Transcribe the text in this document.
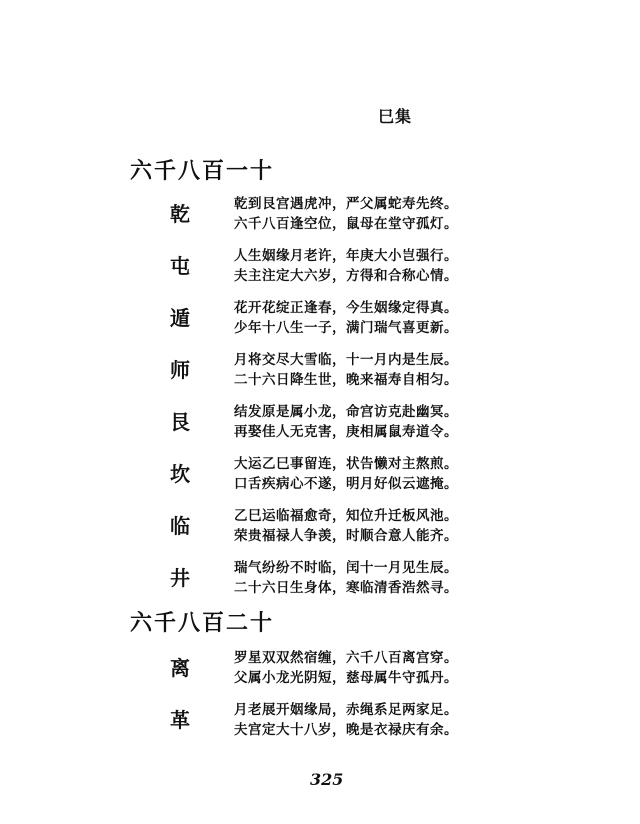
巳集
六千八百一十
乾	乾到艮宫遇虎冲，严父属蛇寿先终。
六千八百逢空位，鼠母在堂守孤灯。
屯	人生姻缘月老许，年庚大小岂强行。
夫主注定大六岁，方得和合称心情。
遁	花开花绽正逢春，今生姻缘定得真。
少年十八生一子，满门瑞气喜更新。
师	月将交尽大雪临，十一月内是生辰。
二十六日降生世，晚来福寿自相匀。
艮	结发原是属小龙，命宫访克赴幽冥。
再娶佳人无克害，庚相属鼠寿道令。
坎	大运乙巳事留连，状告懒对主熬煎。
口舌疾病心不遂，明月好似云遮掩。
临	乙巳运临福愈奇，知位升迁板风池。
荣贵福禄人争羡，时顺合意人能齐。
井	瑞气纷纷不时临，闰十一月见生辰。
二十六日生身体，寒临清香浩然寻。
六千八百二十
离	罗星双双然宿缠，六千八百离宫穿。
父属小龙光阴短，慈母属牛守孤丹。
革	月老展开姻缘局，赤绳系足两家足。
夫宫定大十八岁，晚是衣禄庆有余。
325
